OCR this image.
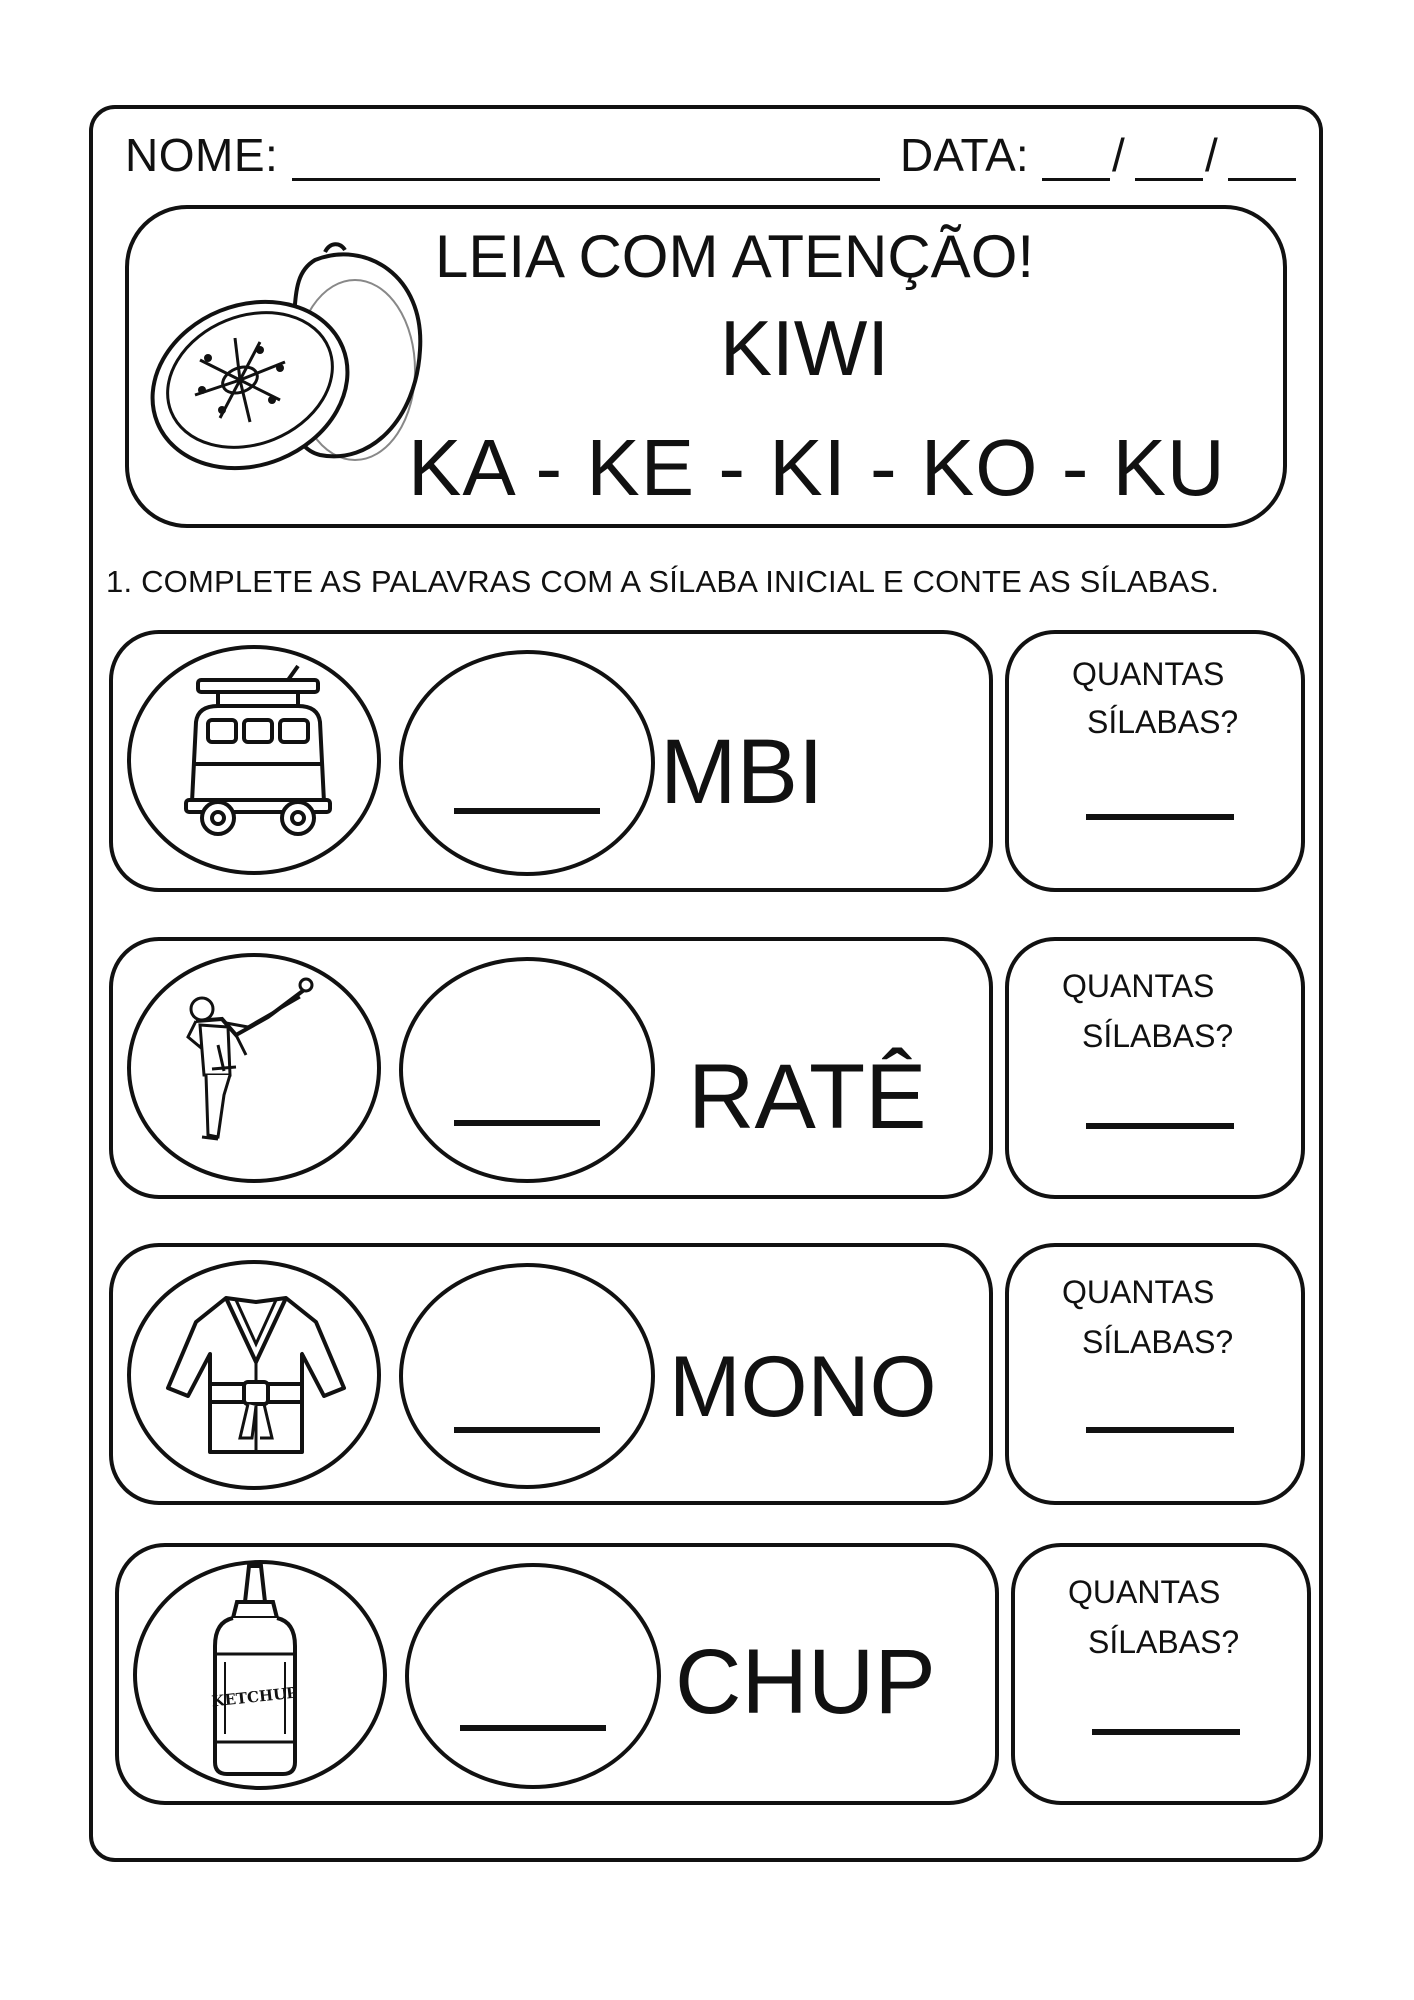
NOME:	DATA: / /
LEIA COM ATENÇÃO!
KIWI
KA - KE - KI - KO - KU
1. COMPLETE AS PALAVRAS COM A SÍLABA INICIAL E CONTE AS SÍLABAS.
MBI
QUANTAS
SÍLABAS?
RATÊ
QUANTAS
SÍLABAS?
MONO
QUANTAS
SÍLABAS?
KETCHUP	CHUP
QUANTAS
SÍLABAS?
